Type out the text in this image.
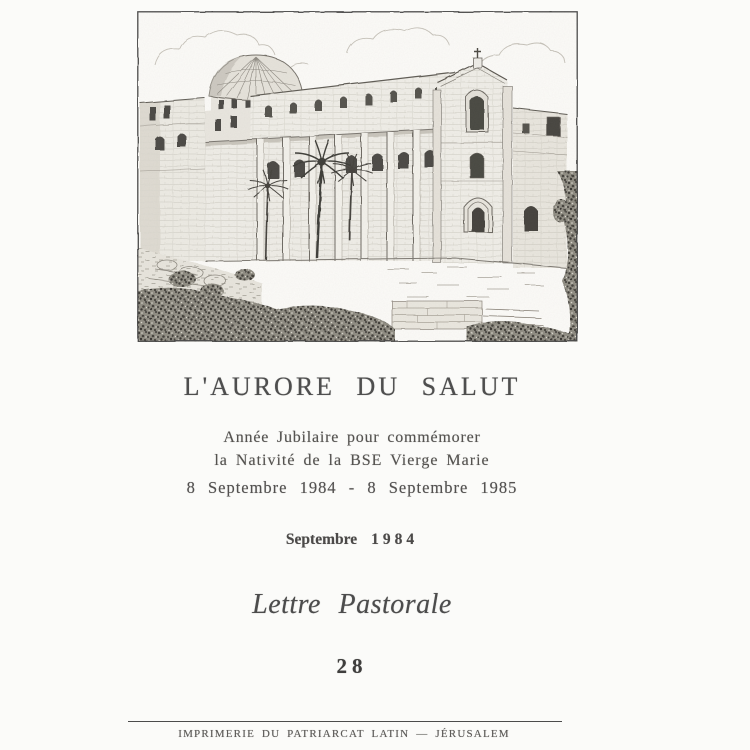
L'AURORE DU SALUT
Année Jubilaire pour commémorer
la Nativité de la BSE Vierge Marie
8 Septembre 1984 - 8 Septembre 1985
Septembre 1984
Lettre Pastorale
28
IMPRIMERIE DU PATRIARCAT LATIN — JÉRUSALEM
